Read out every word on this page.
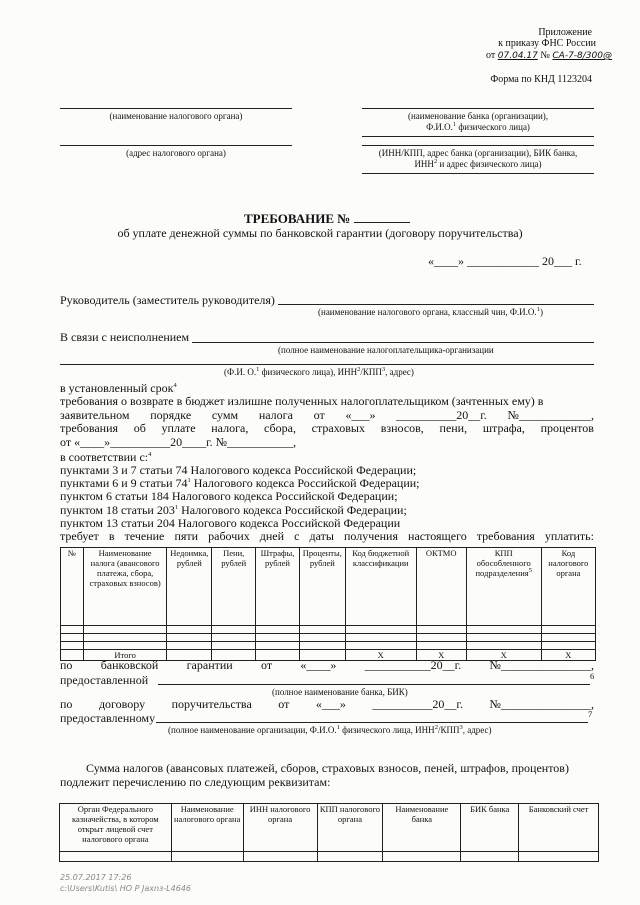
Приложение
к приказу ФНС России
от 07.04.17 № СА-7-8/300@
Форма по КНД 1123204
(наименование налогового органа)	(наименование банка (организации),
Ф.И.О.$^1$ физического лица)
(адрес налогового органа)	(ИНН/КПП, адрес банка (организации), БИК банка,
ИНН$^2$ и адрес физического лица)
ТРЕБОВАНИЕ №
об уплате денежной суммы по банковской гарантии (договору поручительства)
«____» ____________ 20___ г.
Руководитель (заместитель руководителя)
(наименование налогового органа, классный чин, Ф.И.О.$^1$)
В связи с неисполнением
(полное наименование налогоплательщика-организации
(Ф.И. О.$^1$ физического лица), ИНН$^2$/КПП$^3$, адрес)
в установленный срок$^4$
требования о возврате в бюджет излишне полученных налогоплательщиком (зачтенных ему) в
заявительном порядке сумм налога от «___» __________20__г. №____________,
требования об уплате налога, сбора, страховых взносов, пени, штрафа, процентов
от «____»__________20____г. №___________,
в соответствии с:$^4$
пунктами 3 и 7 статьи 74 Налогового кодекса Российской Федерации;
пунктами 6 и 9 статьи $74^1$ Налогового кодекса Российской Федерации;
пунктом 6 статьи 184 Налогового кодекса Российской Федерации;
пунктом 18 статьи $203^1$ Налогового кодекса Российской Федерации;
пунктом 13 статьи 204 Налогового кодекса Российской Федерации
требует в течение пяти рабочих дней с даты получения настоящего требования уплатить:
№	Наименование налога (авансового платежа, сбора, страховых взносов)	Недоимка, рублей	Пени, рублей	Штрафы, рублей	Проценты, рублей	Код бюджетной классификации	ОКТМО	КПП обособленного подразделения$^5$	Код налогового органа

	Итого					Х	Х	Х	Х
по банковской гарантии от «____» ___________20__г. №_______________,
предоставленной	6
(полное наименование банка, БИК)
по договору поручительства от «___» __________20__г. №_______________,
предоставленному	7
(полное наименование организации, Ф.И.О.$^1$ физического лица, ИНН$^2$/КПП$^3$, адрес)
Сумма налогов (авансовых платежей, сборов, страховых взносов, пеней, штрафов, процентов)
подлежит перечислению по следующим реквизитам:
Орган Федерального казначейства, в котором открыт лицевой счет налогового органа	Наименование налогового органа	ИНН налогового органа	КПП налогового органа	Наименование банка	БИК банка	Банковский счет

25.07.2017 17:26
c:\Users\Kutis\ НО Р Jaxnз-L4646
